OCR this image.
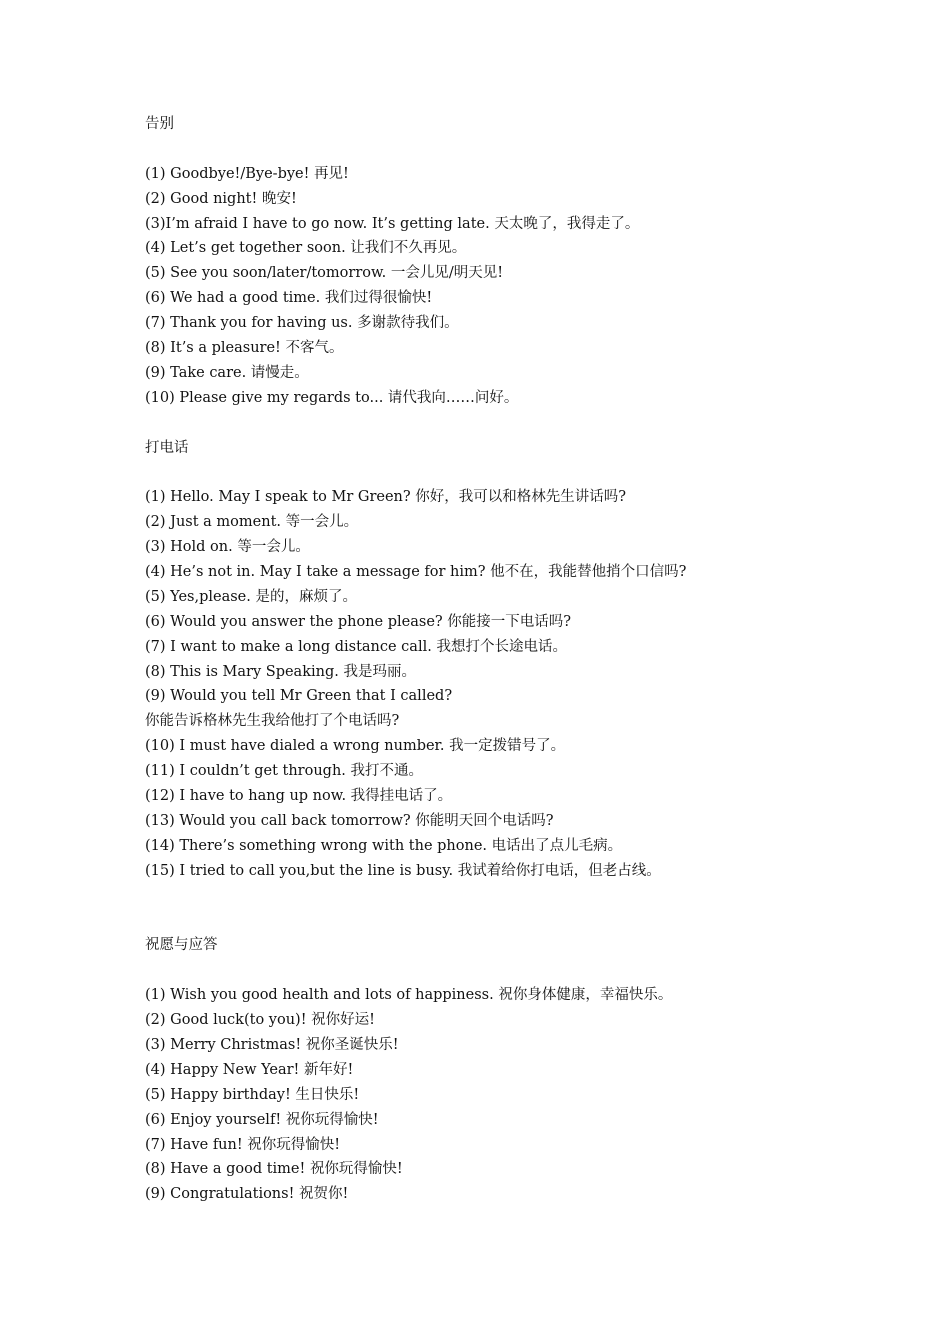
告别
(1) Goodbye!/Bye-bye! 再见!
(2) Good night! 晚安!
(3)I’m afraid I have to go now. It’s getting late. 天太晚了，我得走了。
(4) Let’s get together soon. 让我们不久再见。
(5) See you soon/later/tomorrow. 一会儿见/明天见!
(6) We had a good time. 我们过得很愉快!
(7) Thank you for having us. 多谢款待我们。
(8) It’s a pleasure! 不客气。
(9) Take care. 请慢走。
(10) Please give my regards to... 请代我向……问好。
打电话
(1) Hello. May I speak to Mr Green? 你好，我可以和格林先生讲话吗?
(2) Just a moment. 等一会儿。
(3) Hold on. 等一会儿。
(4) He’s not in. May I take a message for him? 他不在，我能替他捎个口信吗?
(5) Yes,please. 是的，麻烦了。
(6) Would you answer the phone please? 你能接一下电话吗?
(7) I want to make a long distance call. 我想打个长途电话。
(8) This is Mary Speaking. 我是玛丽。
(9) Would you tell Mr Green that I called?
你能告诉格林先生我给他打了个电话吗?
(10) I must have dialed a wrong number. 我一定拨错号了。
(11) I couldn’t get through. 我打不通。
(12) I have to hang up now. 我得挂电话了。
(13) Would you call back tomorrow? 你能明天回个电话吗?
(14) There’s something wrong with the phone. 电话出了点儿毛病。
(15) I tried to call you,but the line is busy. 我试着给你打电话，但老占线。
祝愿与应答
(1) Wish you good health and lots of happiness. 祝你身体健康，幸福快乐。
(2) Good luck(to you)! 祝你好运!
(3) Merry Christmas! 祝你圣诞快乐!
(4) Happy New Year! 新年好!
(5) Happy birthday! 生日快乐!
(6) Enjoy yourself! 祝你玩得愉快!
(7) Have fun! 祝你玩得愉快!
(8) Have a good time! 祝你玩得愉快!
(9) Congratulations! 祝贺你!
